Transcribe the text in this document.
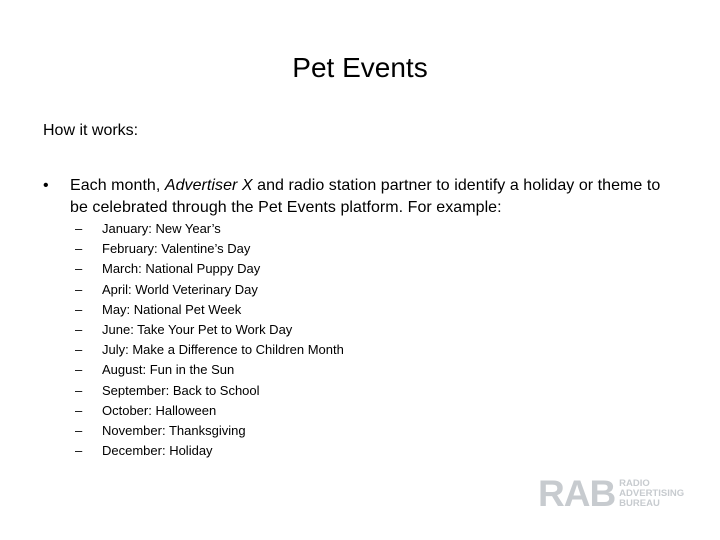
Pet Events
How it works:
•	Each month, Advertiser X and radio station partner to identify a holiday or theme to be celebrated through the Pet Events platform. For example:
– January: New Year’s
– February: Valentine’s Day
– March: National Puppy Day
– April: World Veterinary Day
– May: National Pet Week
– June: Take Your Pet to Work Day
– July: Make a Difference to Children Month
– August: Fun in the Sun
– September: Back to School
– October: Halloween
– November: Thanksgiving
– December: Holiday
RAB RADIO
ADVERTISING
BUREAU
